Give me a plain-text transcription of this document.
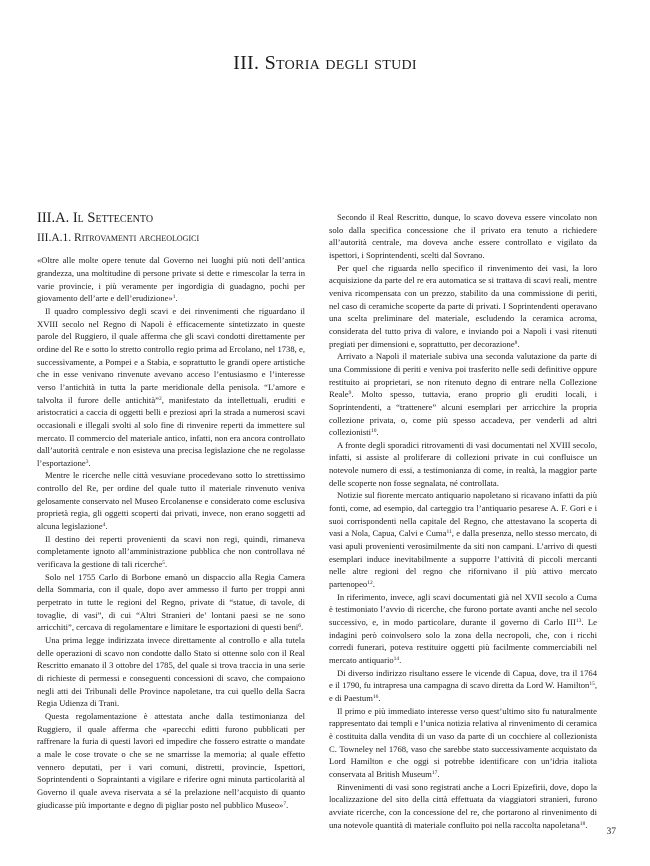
III. Storia degli studi
III.A. Il Settecento
III.A.1. Ritrovamenti archeologici

«Oltre alle molte opere tenute dal Governo nei luoghi più noti dell’antica grandezza, una moltitudine di persone private si dette e rimescolar la terra in varie provincie, i più veramente per ingordigia di guadagno, pochi per giovamento dell’arte e dell’erudizione»$^1$.

Il quadro complessivo degli scavi e dei rinvenimenti che riguardano il XVIII secolo nel Regno di Napoli è efficacemente sintetizzato in queste parole del Ruggiero, il quale afferma che gli scavi condotti direttamente per ordine del Re e sotto lo stretto controllo regio prima ad Ercolano, nel 1738, e, successivamente, a Pompei e a Stabia, e soprattutto le grandi opere artistiche che in esse venivano rinvenute avevano acceso l’entusiasmo e l’interesse verso l’antichità in tutta la parte meridionale della penisola. “L’amore e talvolta il furore delle antichità”$^2$, manifestato da intellettuali, eruditi e aristocratici a caccia di oggetti belli e preziosi aprì la strada a numerosi scavi occasionali e illegali svolti al solo fine di rinvenire reperti da immettere sul mercato. Il commercio del materiale antico, infatti, non era ancora controllato dall’autorità centrale e non esisteva una precisa legislazione che ne regolasse l’esportazione$^3$.

Mentre le ricerche nelle città vesuviane procedevano sotto lo strettissimo controllo del Re, per ordine del quale tutto il materiale rinvenuto veniva gelosamente conservato nel Museo Ercolanense e considerato come esclusiva proprietà regia, gli oggetti scoperti dai privati, invece, non erano soggetti ad alcuna legislazione$^4$.

Il destino dei reperti provenienti da scavi non regi, quindi, rimaneva completamente ignoto all’amministrazione pubblica che non controllava né verificava la gestione di tali ricerche$^5$.

Solo nel 1755 Carlo di Borbone emanò un dispaccio alla Regia Camera della Sommaria, con il quale, dopo aver ammesso il furto per troppi anni perpetrato in tutte le regioni del Regno, private di “statue, di tavole, di tovaglie, di vasi”, di cui “Altri Stranieri de’ lontani paesi se ne sono arricchiti”, cercava di regolamentare e limitare le esportazioni di questi beni$^6$.

Una prima legge indirizzata invece direttamente al controllo e alla tutela delle operazioni di scavo non condotte dallo Stato si ottenne solo con il Real Rescritto emanato il 3 ottobre del 1785, del quale si trova traccia in una serie di richieste di permessi e conseguenti concessioni di scavo, che compaiono negli atti dei Tribunali delle Province napoletane, tra cui quello della Sacra Regia Udienza di Trani.

Questa regolamentazione è attestata anche dalla testimonianza del Ruggiero, il quale afferma che «parecchi editti furono pubblicati per raffrenare la furia di questi lavori ed impedire che fossero estratte o mandate a male le cose trovate o che se ne smarrisse la memoria; al quale effetto vennero deputati, per i vari comuni, distretti, provincie, Ispettori, Soprintendenti o Sopraintanti a vigilare e riferire ogni minuta particolarità al Governo il quale aveva riservata a sé la prelazione nell’acquisto di quanto giudicasse più importante e degno di pigliar posto nel pubblico Museo»$^7$.

Secondo il Real Rescritto, dunque, lo scavo doveva essere vincolato non solo dalla specifica concessione che il privato era tenuto a richiedere all’autorità centrale, ma doveva anche essere controllato e vigilato da ispettori, i Soprintendenti, scelti dal Sovrano.

Per quel che riguarda nello specifico il rinvenimento dei vasi, la loro acquisizione da parte del re era automatica se si trattava di scavi reali, mentre veniva ricompensata con un prezzo, stabilito da una commissione di periti, nel caso di ceramiche scoperte da parte di privati. I Soprintendenti operavano una scelta preliminare del materiale, escludendo la ceramica acroma, considerata del tutto priva di valore, e inviando poi a Napoli i vasi ritenuti pregiati per dimensioni e, soprattutto, per decorazione$^8$.

Arrivato a Napoli il materiale subiva una seconda valutazione da parte di una Commissione di periti e veniva poi trasferito nelle sedi definitive oppure restituito ai proprietari, se non ritenuto degno di entrare nella Collezione Reale$^9$. Molto spesso, tuttavia, erano proprio gli eruditi locali, i Soprintendenti, a “trattenere” alcuni esemplari per arricchire la propria collezione privata, o, come più spesso accadeva, per venderli ad altri collezionisti$^{10}$.

A fronte degli sporadici ritrovamenti di vasi documentati nel XVIII secolo, infatti, si assiste al proliferare di collezioni private in cui confluisce un notevole numero di essi, a testimonianza di come, in realtà, la maggior parte delle scoperte non fosse segnalata, né controllata.

Notizie sul fiorente mercato antiquario napoletano si ricavano infatti da più fonti, come, ad esempio, dal carteggio tra l’antiquario pesarese A. F. Gori e i suoi corrispondenti nella capitale del Regno, che attestavano la scoperta di vasi a Nola, Capua, Calvi e Cuma$^{11}$, e dalla presenza, nello stesso mercato, di vasi apuli provenienti verosimilmente da siti non campani. L’arrivo di questi esemplari induce inevitabilmente a supporre l’attività di piccoli mercanti nelle altre regioni del regno che rifornivano il più attivo mercato partenopeo$^{12}$.

In riferimento, invece, agli scavi documentati già nel XVII secolo a Cuma è testimoniato l’avvio di ricerche, che furono portate avanti anche nel secolo successivo, e, in modo particolare, durante il governo di Carlo III$^{13}$. Le indagini però coinvolsero solo la zona della necropoli, che, con i ricchi corredi funerari, poteva restituire oggetti più facilmente commerciabili nel mercato antiquario$^{14}$.

Di diverso indirizzo risultano essere le vicende di Capua, dove, tra il 1764 e il 1790, fu intrapresa una campagna di scavo diretta da Lord W. Hamilton$^{15}$, e di Paestum$^{16}$.

Il primo e più immediato interesse verso quest’ultimo sito fu naturalmente rappresentato dai templi e l’unica notizia relativa al rinvenimento di ceramica è costituita dalla vendita di un vaso da parte di un cocchiere al collezionista C. Towneley nel 1768, vaso che sarebbe stato successivamente acquistato da Lord Hamilton e che oggi si potrebbe identificare con un’idria italiota conservata al British Museum$^{17}$.

Rinvenimenti di vasi sono registrati anche a Locri Epizefirii, dove, dopo la localizzazione del sito della città effettuata da viaggiatori stranieri, furono avviate ricerche, con la concessione del re, che portarono al rinvenimento di una notevole quantità di materiale confluito poi nella raccolta napoletana$^{18}$.

37
